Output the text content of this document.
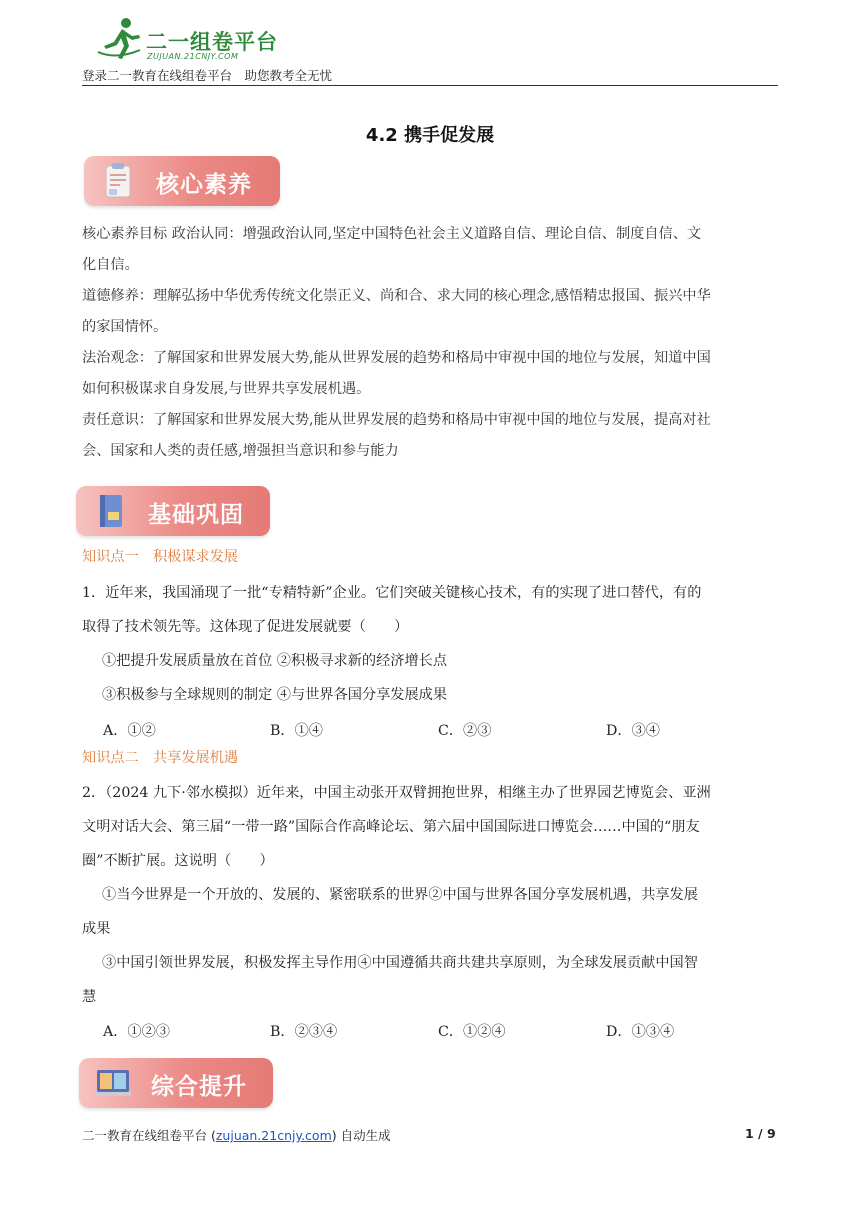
二一组卷平台
ZUJUAN.21CNJY.COM
登录二一教育在线组卷平台　助您教考全无忧
4.2 携手促发展
核心素养
核心素养目标 政治认同：增强政治认同,坚定中国特色社会主义道路自信、理论自信、制度自信、文
化自信。
道德修养：理解弘扬中华优秀传统文化崇正义、尚和合、求大同的核心理念,感悟精忠报国、振兴中华
的家国情怀。
法治观念：了解国家和世界发展大势,能从世界发展的趋势和格局中审视中国的地位与发展，知道中国
如何积极谋求自身发展,与世界共享发展机遇。
责任意识：了解国家和世界发展大势,能从世界发展的趋势和格局中审视中国的地位与发展，提高对社
会、国家和人类的责任感,增强担当意识和参与能力
基础巩固
知识点一　积极谋求发展
1．近年来，我国涌现了一批“专精特新”企业。它们突破关键核心技术，有的实现了进口替代，有的
取得了技术领先等。这体现了促进发展就要（　　）
①把提升发展质量放在首位 ②积极寻求新的经济增长点
③积极参与全球规则的制定 ④与世界各国分享发展成果
A．①②	B．①④	C．②③	D．③④
知识点二　共享发展机遇
2．（2024 九下·邻水模拟）近年来，中国主动张开双臂拥抱世界，相继主办了世界园艺博览会、亚洲
文明对话大会、第三届“一带一路”国际合作高峰论坛、第六届中国国际进口博览会……中国的“朋友
圈”不断扩展。这说明（　　）
①当今世界是一个开放的、发展的、紧密联系的世界②中国与世界各国分享发展机遇，共享发展
成果
③中国引领世界发展，积极发挥主导作用④中国遵循共商共建共享原则，为全球发展贡献中国智
慧
A．①②③	B．②③④	C．①②④	D．①③④
综合提升
二一教育在线组卷平台 (zujuan.21cnjy.com) 自动生成	1 / 9
